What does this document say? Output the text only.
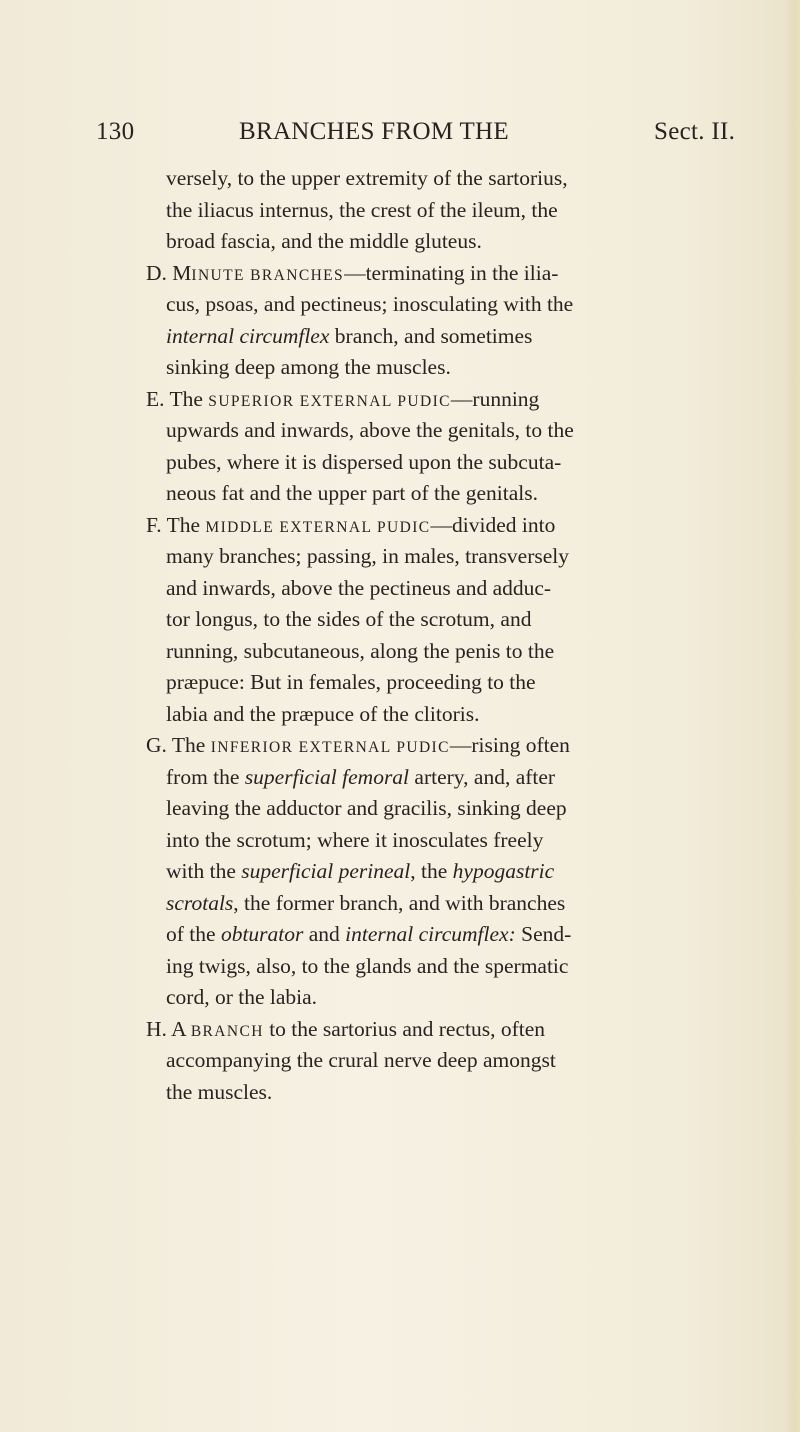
130	BRANCHES FROM THE	Sect. II.
versely, to the upper extremity of the sartorius,
the iliacus internus, the crest of the ileum, the
broad fascia, and the middle gluteus.
D. MINUTE BRANCHES—terminating in the ilia-
cus, psoas, and pectineus; inosculating with the
internal circumflex branch, and sometimes
sinking deep among the muscles.
E. The SUPERIOR EXTERNAL PUDIC—running
upwards and inwards, above the genitals, to the
pubes, where it is dispersed upon the subcuta-
neous fat and the upper part of the genitals.
F. The MIDDLE EXTERNAL PUDIC—divided into
many branches; passing, in males, transversely
and inwards, above the pectineus and adduc-
tor longus, to the sides of the scrotum, and
running, subcutaneous, along the penis to the
præpuce: But in females, proceeding to the
labia and the præpuce of the clitoris.
G. The INFERIOR EXTERNAL PUDIC—rising often
from the superficial femoral artery, and, after
leaving the adductor and gracilis, sinking deep
into the scrotum; where it inosculates freely
with the superficial perineal, the hypogastric
scrotals, the former branch, and with branches
of the obturator and internal circumflex: Send-
ing twigs, also, to the glands and the spermatic
cord, or the labia.
H. A BRANCH to the sartorius and rectus, often
accompanying the crural nerve deep amongst
the muscles.
